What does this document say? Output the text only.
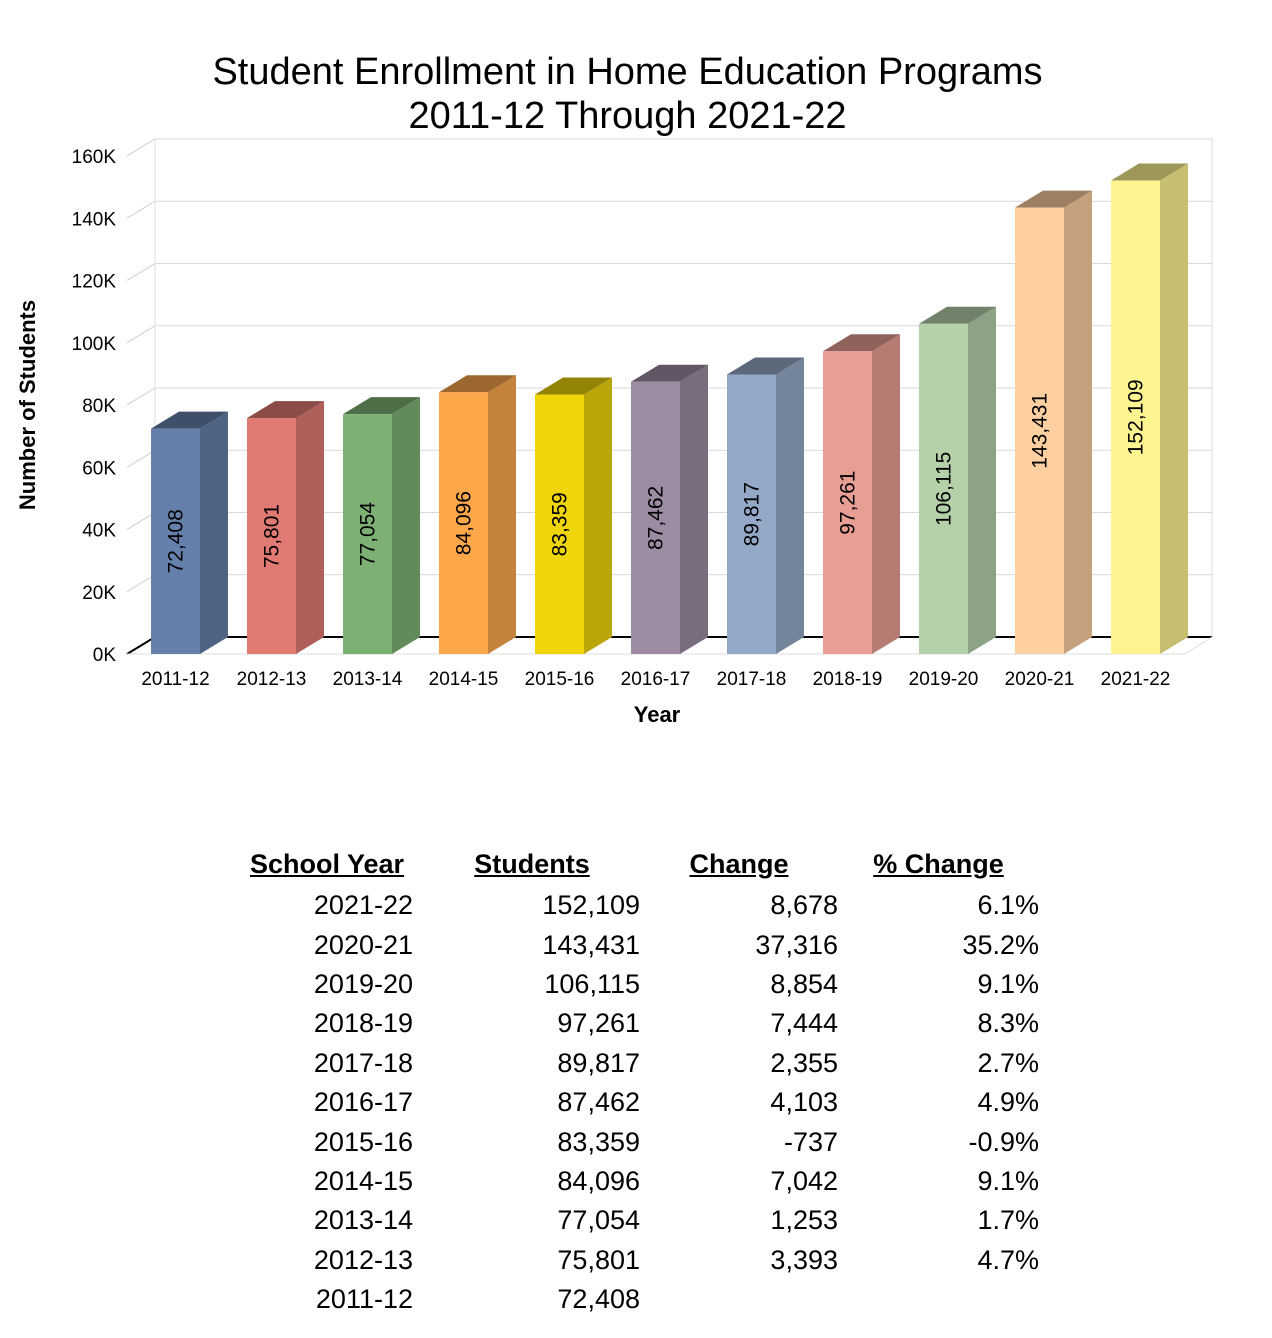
Student Enrollment in Home Education Programs
2011-12 Through 2021-22
0K
20K
40K
60K
80K
100K
120K
140K
160K
72,408
2011-12
75,801
2012-13
77,054
2013-14
84,096
2014-15
83,359
2015-16
87,462
2016-17
89,817
2017-18
97,261
2018-19
106,115
2019-20
143,431
2020-21
152,109
2021-22
Year
Number of Students
School Year	Students	Change	% Change
2021-22	152,109	8,678	6.1%
2020-21	143,431	37,316	35.2%
2019-20	106,115	8,854	9.1%
2018-19	97,261	7,444	8.3%
2017-18	89,817	2,355	2.7%
2016-17	87,462	4,103	4.9%
2015-16	83,359	-737	-0.9%
2014-15	84,096	7,042	9.1%
2013-14	77,054	1,253	1.7%
2012-13	75,801	3,393	4.7%
2011-12	72,408		
